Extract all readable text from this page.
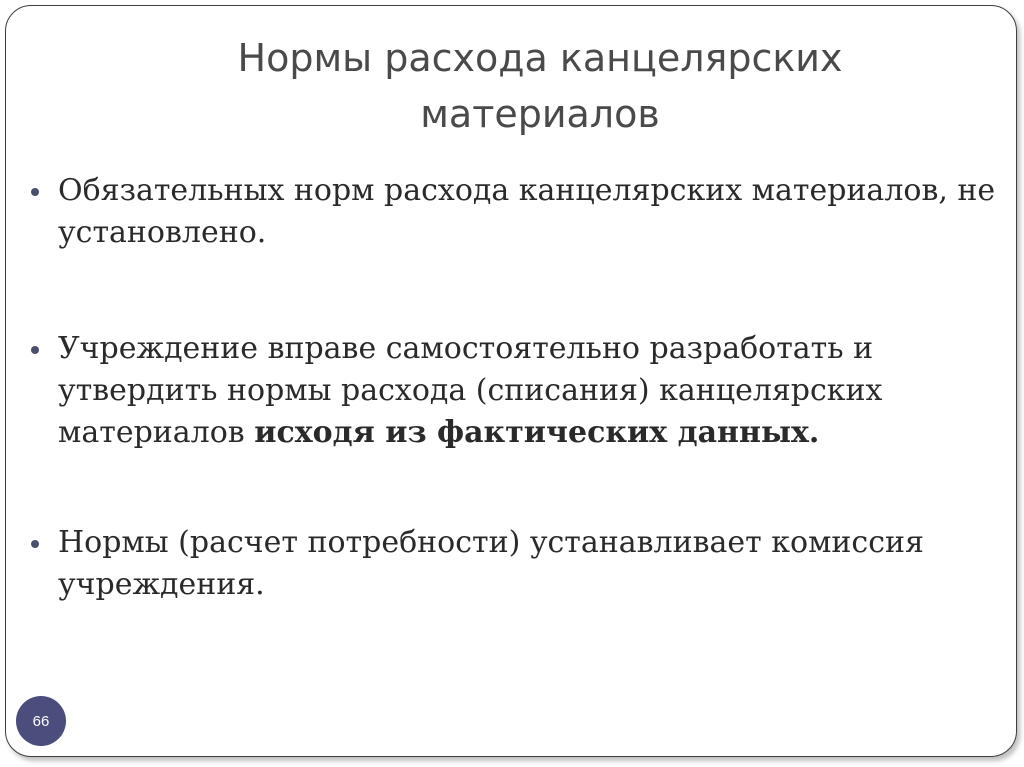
Нормы расхода канцелярских материалов
Обязательных норм расхода канцелярских материалов, не установлено.
Учреждение вправе самостоятельно разработать и утвердить нормы расхода (списания) канцелярских материалов исходя из фактических данных.
Нормы (расчет потребности) устанавливает комиссия учреждения.
66
